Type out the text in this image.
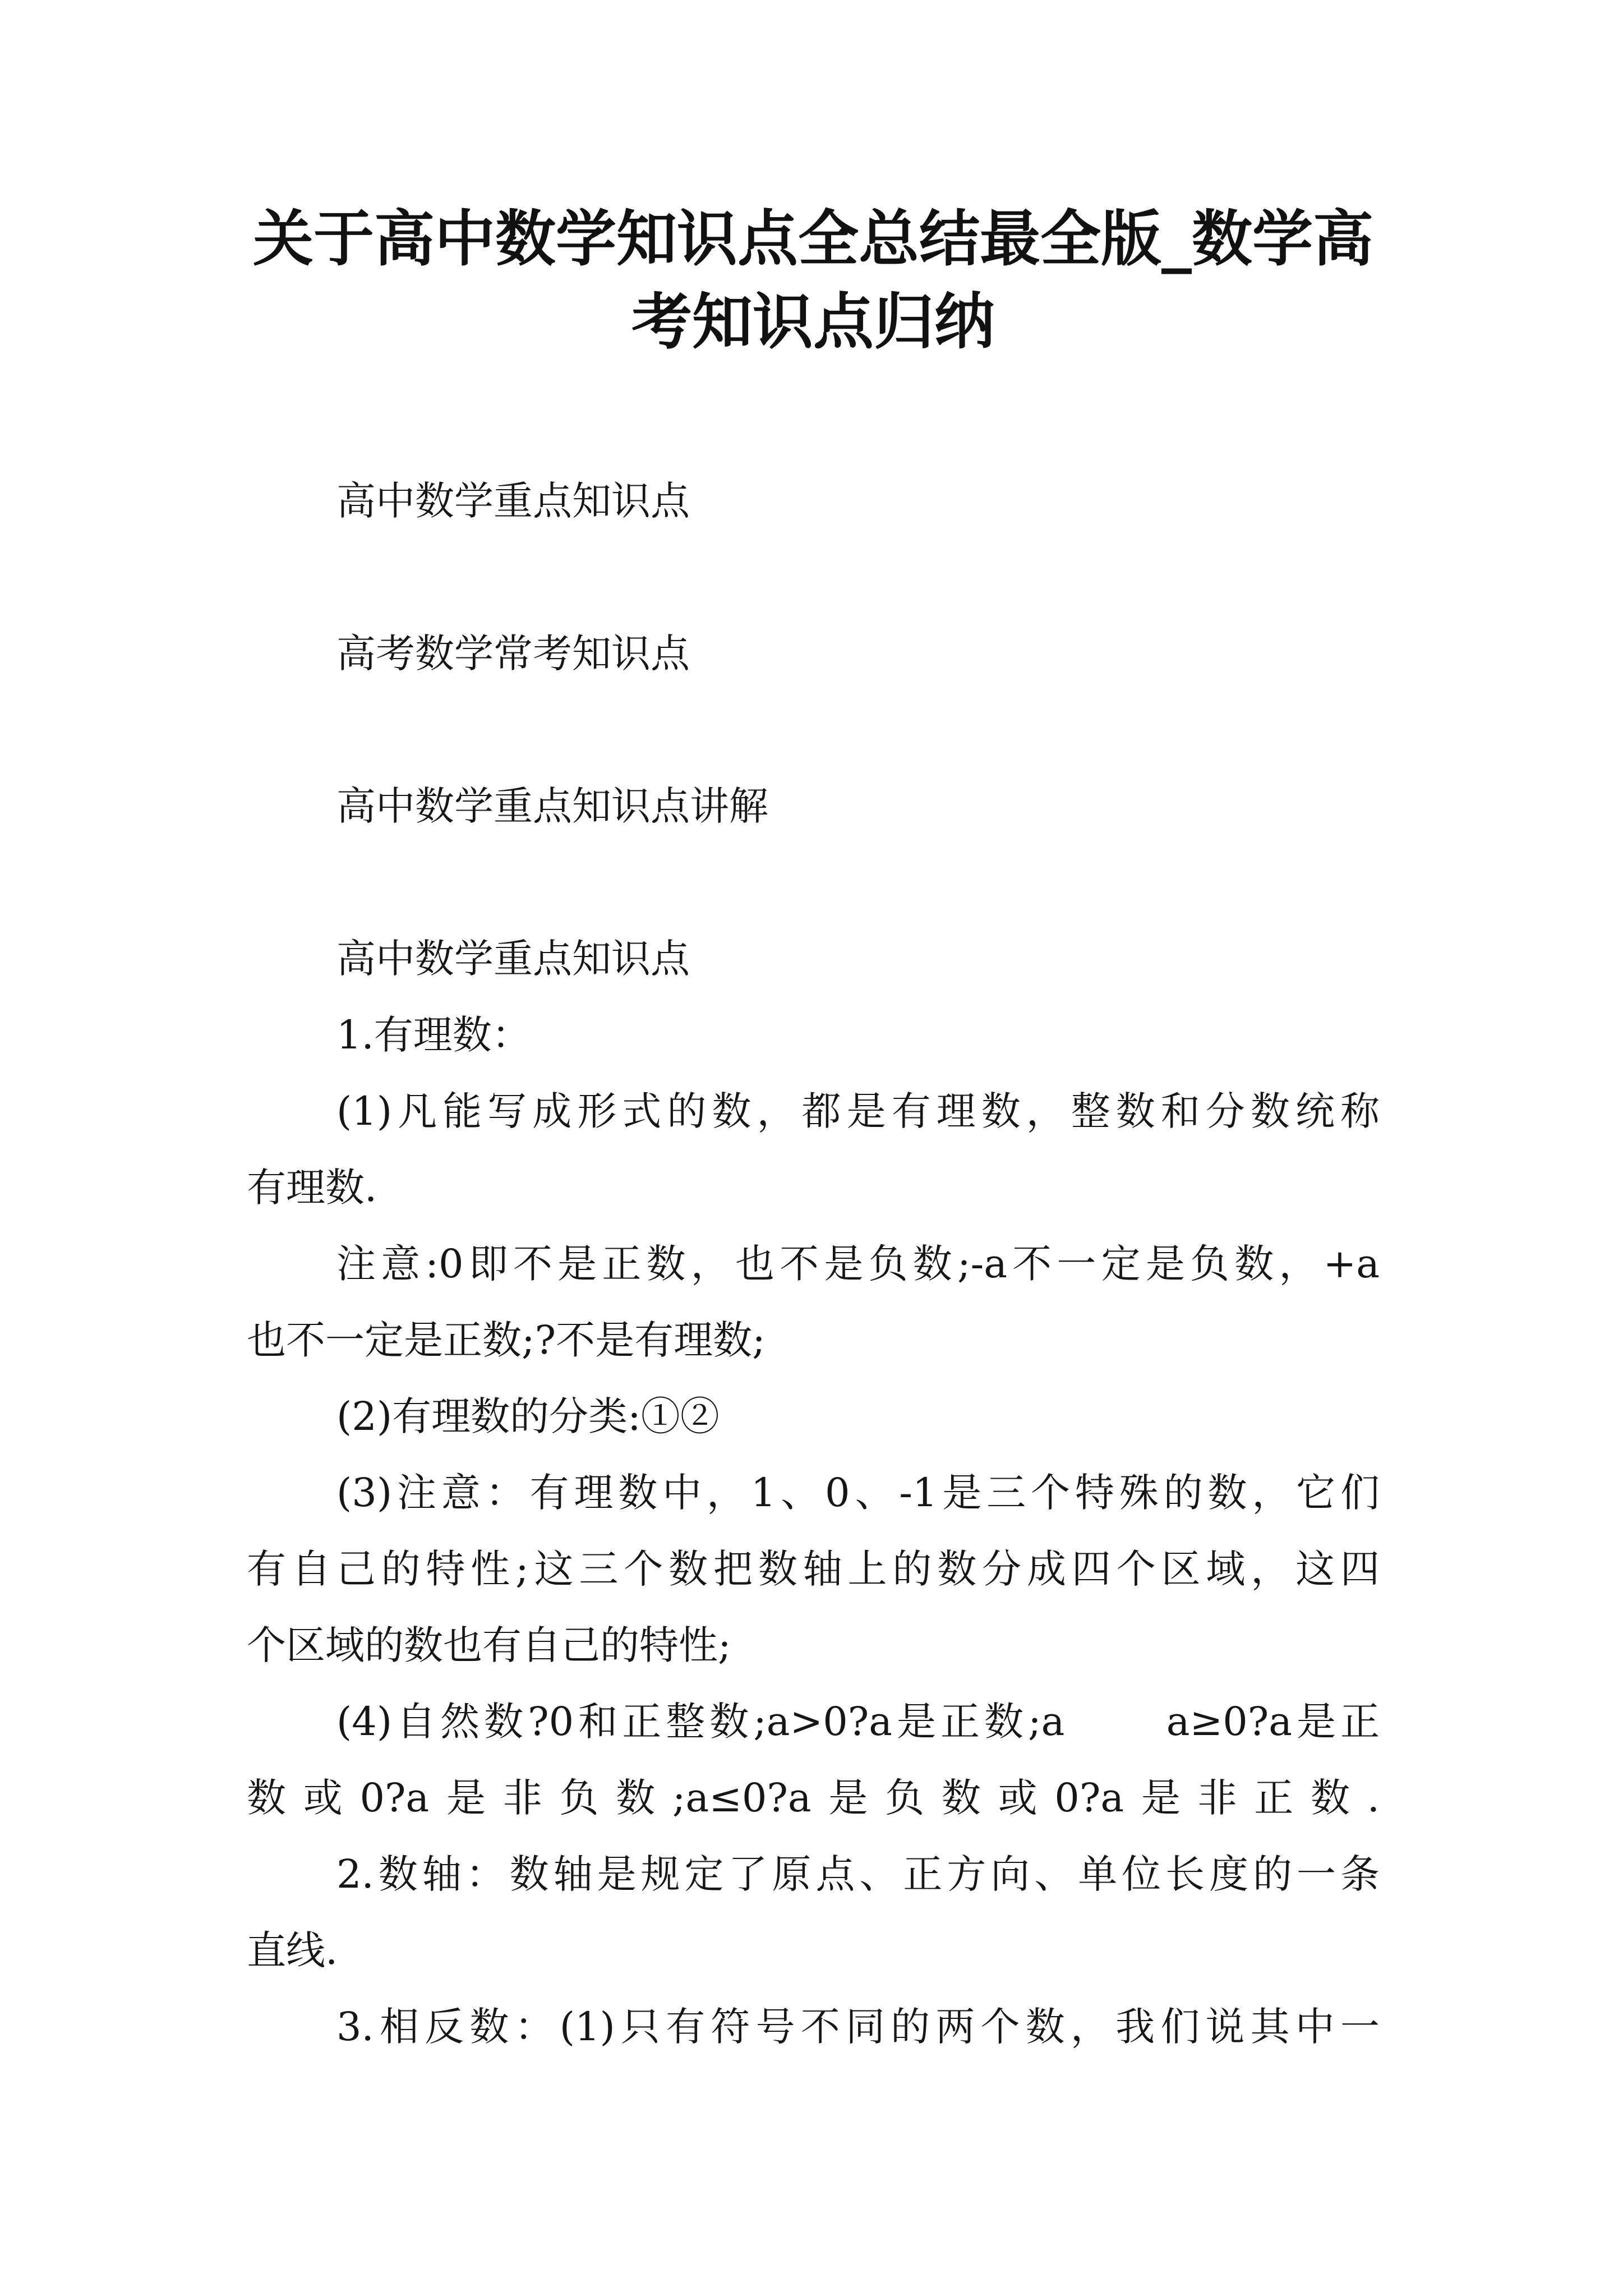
关于高中数学知识点全总结最全版_数学高
考知识点归纳
高中数学重点知识点
高考数学常考知识点
高中数学重点知识点讲解
高中数学重点知识点
1.有理数：
(1)凡能写成形式的数，都是有理数，整数和分数统称
有理数.
注意:0即不是正数，也不是负数;-a不一定是负数，+a
也不一定是正数;?不是有理数;
(2)有理数的分类:①②
(3)注意：有理数中，1、0、-1是三个特殊的数，它们
有自己的特性;这三个数把数轴上的数分成四个区域，这四
个区域的数也有自己的特性;
(4)自然数?0和正整数;a>0?a是正数;a      a≥0?a是正
数或0?a是非负数;a≤0?a是负数或0?a是非正数.
2.数轴：数轴是规定了原点、正方向、单位长度的一条
直线.
3.相反数：(1)只有符号不同的两个数，我们说其中一
